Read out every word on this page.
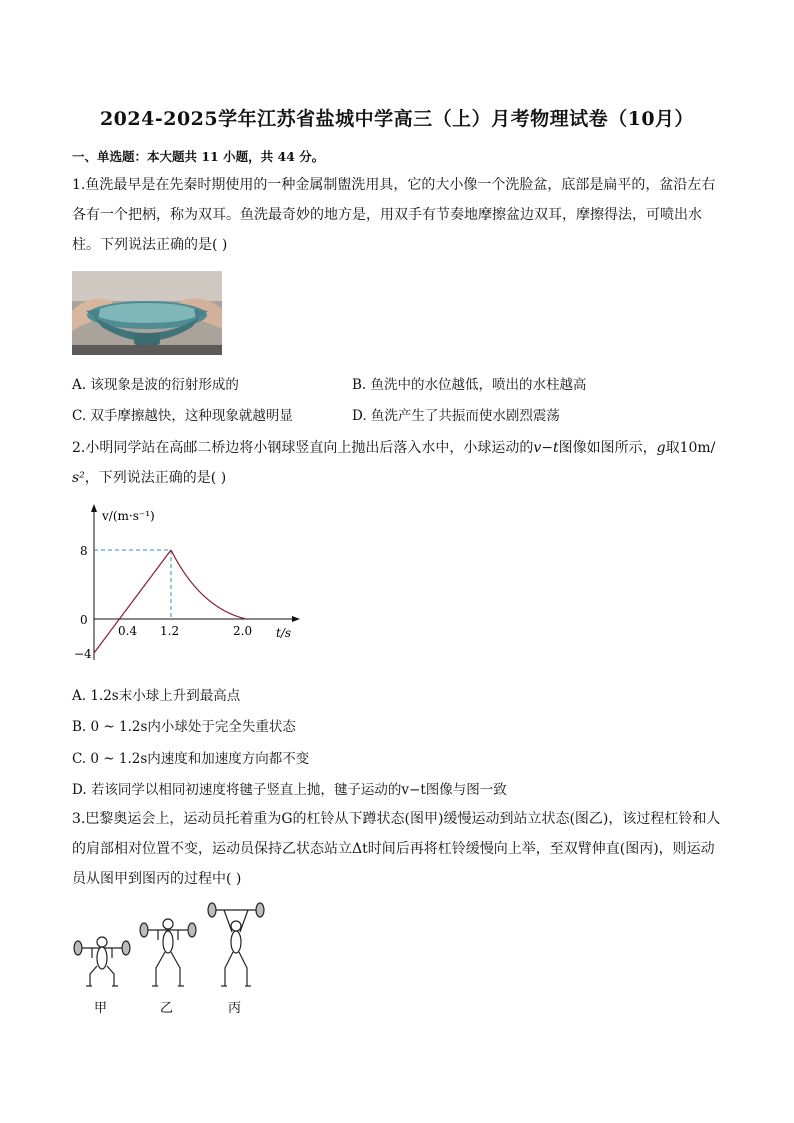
2024-2025学年江苏省盐城中学高三（上）月考物理试卷（10月）
一、单选题：本大题共 11 小题，共 44 分。
1.鱼洗最早是在先秦时期使用的一种金属制盥洗用具，它的大小像一个洗脸盆，底部是扁平的，盆沿左右
各有一个把柄，称为双耳。鱼洗最奇妙的地方是，用双手有节奏地摩擦盆边双耳，摩擦得法，可喷出水
柱。下列说法正确的是( )
A. 该现象是波的衍射形成的	B. 鱼洗中的水位越低，喷出的水柱越高
C. 双手摩擦越快，这种现象就越明显	D. 鱼洗产生了共振而使水剧烈震荡
2.小明同学站在高邮二桥边将小钢球竖直向上抛出后落入水中，小球运动的v−t图像如图所示，g取10m/
s²，下列说法正确的是( )
v/(m·s⁻¹)
t/s
8
0
−4
0.4 1.2	2.0
A. 1.2s末小球上升到最高点
B. 0 ~ 1.2s内小球处于完全失重状态
C. 0 ~ 1.2s内速度和加速度方向都不变
D. 若该同学以相同初速度将毽子竖直上抛，毽子运动的v−t图像与图一致
3.巴黎奥运会上，运动员托着重为G的杠铃从下蹲状态(图甲)缓慢运动到站立状态(图乙)，该过程杠铃和人
的肩部相对位置不变，运动员保持乙状态站立Δt时间后再将杠铃缓慢向上举，至双臂伸直(图丙)，则运动
员从图甲到图丙的过程中( )
甲	乙	丙
